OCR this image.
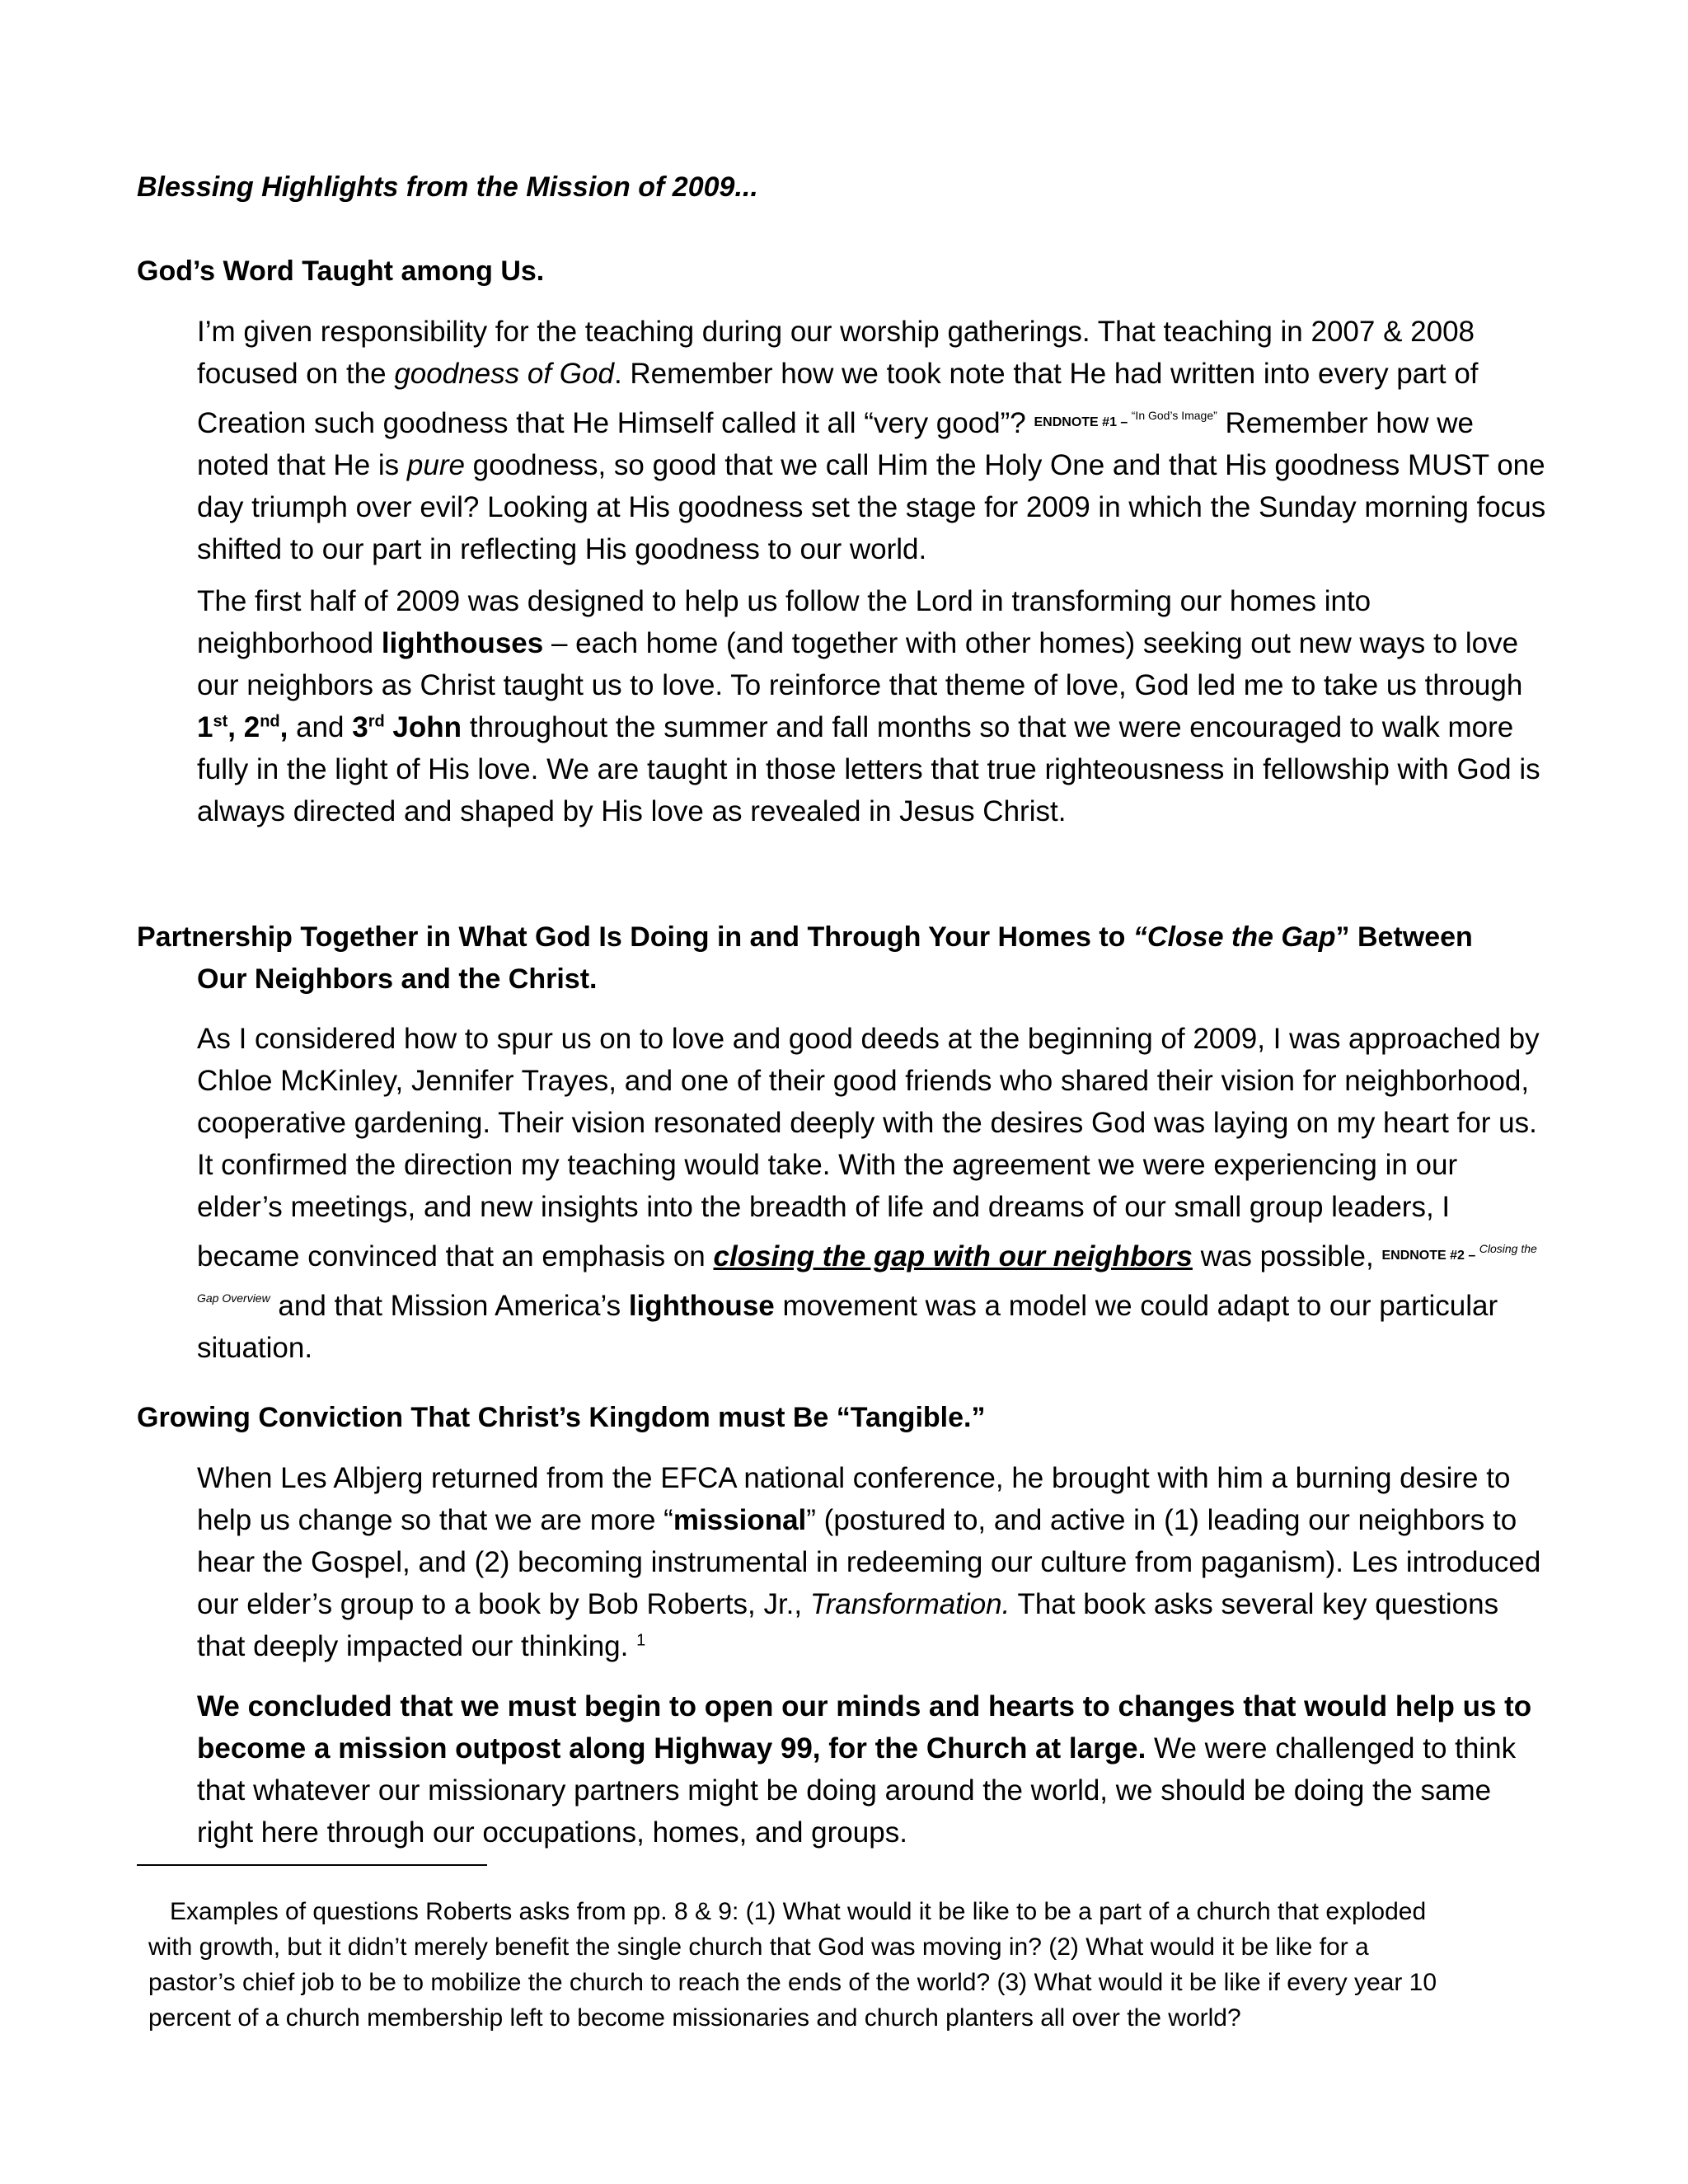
Blessing Highlights from the Mission of 2009...
God’s Word Taught among Us.
I’m given responsibility for the teaching during our worship gatherings. That teaching in 2007 & 2008 focused on the goodness of God. Remember how we took note that He had written into every part of Creation such goodness that He Himself called it all “very good”? $^{ENDNOTE \#1 - “In God’s Image”}$ Remember how we noted that He is pure goodness, so good that we call Him the Holy One and that His goodness MUST one day triumph over evil? Looking at His goodness set the stage for 2009 in which the Sunday morning focus shifted to our part in reflecting His goodness to our world.
The first half of 2009 was designed to help us follow the Lord in transforming our homes into neighborhood lighthouses – each home (and together with other homes) seeking out new ways to love our neighbors as Christ taught us to love. To reinforce that theme of love, God led me to take us through 1st, 2nd, and 3rd John throughout the summer and fall months so that we were encouraged to walk more fully in the light of His love. We are taught in those letters that true righteousness in fellowship with God is always directed and shaped by His love as revealed in Jesus Christ.
Partnership Together in What God Is Doing in and Through Your Homes to “Close the Gap” Between
Our Neighbors and the Christ.
As I considered how to spur us on to love and good deeds at the beginning of 2009, I was approached by Chloe McKinley, Jennifer Trayes, and one of their good friends who shared their vision for neighborhood, cooperative gardening. Their vision resonated deeply with the desires God was laying on my heart for us. It confirmed the direction my teaching would take. With the agreement we were experiencing in our elder’s meetings, and new insights into the breadth of life and dreams of our small group leaders, I became convinced that an emphasis on closing the gap with our neighbors was possible, $^{ENDNOTE \#2 - Closing the Gap Overview}$ and that Mission America’s lighthouse movement was a model we could adapt to our particular situation.
Growing Conviction That Christ’s Kingdom must Be “Tangible.”
When Les Albjerg returned from the EFCA national conference, he brought with him a burning desire to help us change so that we are more “missional” (postured to, and active in (1) leading our neighbors to hear the Gospel, and (2) becoming instrumental in redeeming our culture from paganism). Les introduced our elder’s group to a book by Bob Roberts, Jr., Transformation. That book asks several key questions that deeply impacted our thinking. $^1$
We concluded that we must begin to open our minds and hearts to changes that would help us to become a mission outpost along Highway 99, for the Church at large. We were challenged to think that whatever our missionary partners might be doing around the world, we should be doing the same right here through our occupations, homes, and groups.
Examples of questions Roberts asks from pp. 8 & 9: (1) What would it be like to be a part of a church that exploded with growth, but it didn’t merely benefit the single church that God was moving in? (2) What would it be like for a pastor’s chief job to be to mobilize the church to reach the ends of the world? (3) What would it be like if every year 10 percent of a church membership left to become missionaries and church planters all over the world?
